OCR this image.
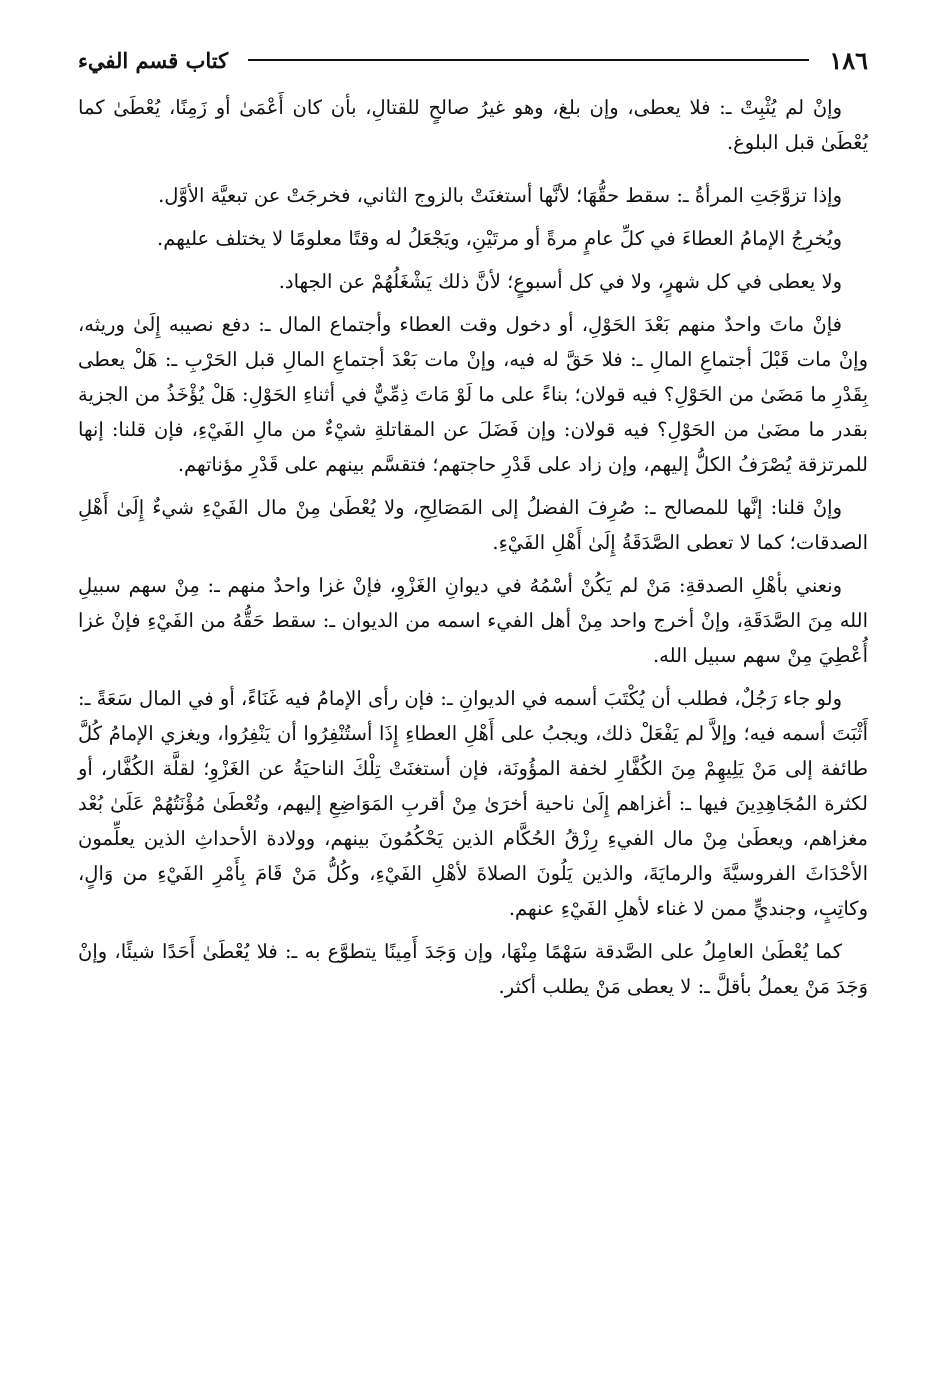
كتاب قسم الفيء	١٨٦

وإنْ لم يُثْبِتْ ـ: فلا يعطى، وإن بلغ، وهو غيرُ صالحٍ للقتالِ، بأن كان أَعْمَىٰ أو زَمِنًا، يُعْطَىٰ كما يُعْطَىٰ قبل البلوغ.

وإذا تزوَّجَتِ المرأةُ ـ: سقط حقُّهَا؛ لأنَّها أستغنَتْ بالزوج الثاني، فخرجَتْ عن تبعيَّة الأوَّل.

ويُخرِجُ الإمامُ العطاءَ في كلِّ عامٍ مرةً أو مرتَيْنِ، ويَجْعَلُ له وقتًا معلومًا لا يختلف عليهم.

ولا يعطى في كل شهرٍ، ولا في كل أسبوعٍ؛ لأنَّ ذلك يَشْغَلُهُمْ عن الجهاد.

فإنْ ماتَ واحدٌ منهم بَعْدَ الحَوْلِ، أو دخول وقت العطاء وأجتماع المال ـ: دفع نصيبه إِلَىٰ وريثه، وإنْ مات قَبْلَ أجتماعِ المالِ ـ: فلا حَقَّ له فيه، وإنْ مات بَعْدَ أجتماعِ المالِ قبل الحَرْبِ ـ: هَلْ يعطى بِقَدْرِ ما مَضَىٰ من الحَوْلِ؟ فيه قولان؛ بناءً على ما لَوْ مَاتَ ذِمِّيٌّ في أثناءِ الحَوْلِ: هَلْ يُؤْخَذُ من الجزية بقدر ما مضَىٰ من الحَوْلِ؟ فيه قولان: وإن فَضَلَ عن المقاتلةِ شيْءٌ من مالِ الفَيْءِ، فإن قلنا: إنها للمرتزقة يُصْرَفُ الكلُّ إليهم، وإن زاد على قَدْرِ حاجتهم؛ فتقسَّم بينهم على قَدْرِ مؤناتهم.

وإنْ قلنا: إنَّها للمصالح ـ: صُرِفَ الفضلُ إلى المَصَالِحِ، ولا يُعْطَىٰ مِنْ مال الفَيْءِ شيءٌ إِلَىٰ أَهْلِ الصدقات؛ كما لا تعطى الصَّدَقَةُ إِلَىٰ أَهْلِ الفَيْءِ.

ونعني بأهْلِ الصدقةِ: مَنْ لم يَكُنْ أسْمُهُ في ديوانِ الغَزْوِ، فإنْ غزا واحدٌ منهم ـ: مِنْ سهم سبيلِ الله مِنَ الصَّدَقَةِ، وإنْ أخرج واحد مِنْ أهل الفيء اسمه من الديوان ـ: سقط حَقُّهُ من الفَيْءِ فإنْ غزا أُعْطِيَ مِنْ سهم سبيل الله.

ولو جاء رَجُلٌ، فطلب أن يُكْتَبَ أسمه في الديوانِ ـ: فإن رأى الإمامُ فيه غَنَاءً، أو في المال سَعَةً ـ: أَثْبَتَ أسمه فيه؛ وإلاَّ لم يَفْعَلْ ذلك، ويجبُ على أَهْلِ العطاءِ إِذَا أستُنْفِرُوا أن يَنْفِرُوا، ويغزي الإمامُ كُلَّ طائفة إلى مَنْ يَلِيهِمْ مِنَ الكُفَّارِ لخفة المؤُونَة، فإن أستغنَتْ تِلْكَ الناحيَةُ عن الغَزْوِ؛ لقلَّة الكُفَّار، أو لكثرة المُجَاهِدِينَ فيها ـ: أغزاهم إِلَىٰ ناحية أخرَىٰ مِنْ أقربِ المَوَاضِعِ إليهم، وتُعْطَىٰ مُؤْنَتُهُمْ عَلَىٰ بُعْد مغزاهم، ويعطَىٰ مِنْ مال الفيءِ رِزْقُ الحُكَّام الذين يَحْكُمُونَ بينهم، وولادة الأحداثِ الذين يعلِّمون الأحْدَاثَ الفروسيَّةَ والرمايَةَ، والذين يَلُونَ الصلاةَ لأهْلِ الفَيْءِ، وكُلُّ مَنْ قَامَ بِأَمْرِ الفَيْءِ من وَالٍ، وكاتِبٍ، وجنديٍّ ممن لا غناء لأهلِ الفَيْءِ عنهم.

كما يُعْطَىٰ العامِلُ على الصَّدقة سَهْمًا مِنْهَا، وإن وَجَدَ أَمِينًا يتطوَّع به ـ: فلا يُعْطَىٰ أَحَدًا شيئًا، وإنْ وَجَدَ مَنْ يعملُ بأقلَّ ـ: لا يعطى مَنْ يطلب أكثر.
